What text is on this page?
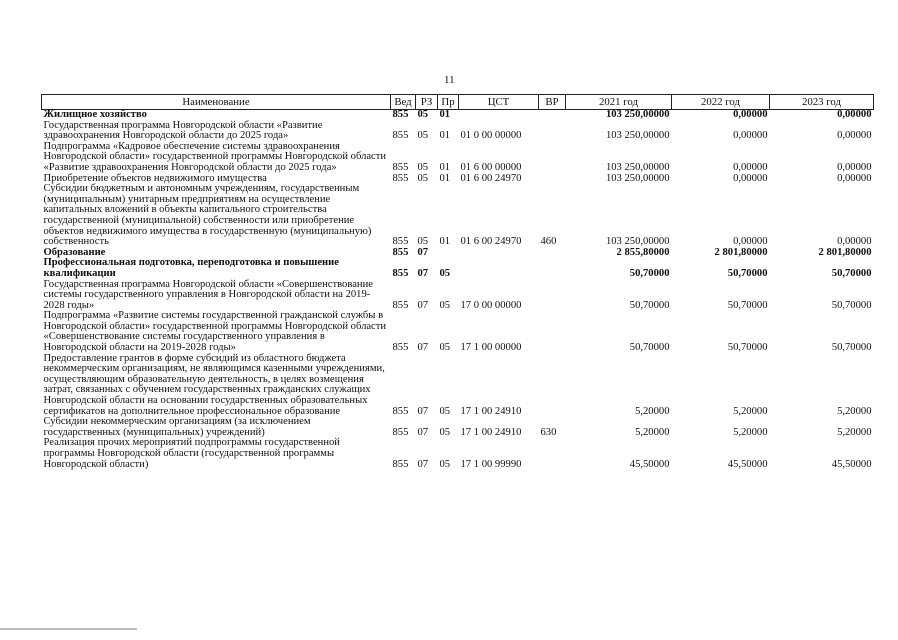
11
Наименование	Вед	РЗ	Пр	ЦСТ	ВР	2021 год	2022 год	2023 год
Жилищное хозяйство	855	05	01			103 250,00000	0,00000	0,00000
Государственная программа Новгородской области «Развитие здравоохранения Новгородской области до 2025 года»	855	05	01	01 0 00 00000		103 250,00000	0,00000	0,00000
Подпрограмма «Кадровое обеспечение системы здравоохранения Новгородской области» государственной программы Новгородской области «Развитие здравоохранения Новгородской области до 2025 года»	855	05	01	01 6 00 00000		103 250,00000	0,00000	0,00000
Приобретение объектов недвижимого имущества	855	05	01	01 6 00 24970		103 250,00000	0,00000	0,00000
Субсидии бюджетным и автономным учреждениям, государственным (муниципальным) унитарным предприятиям на осуществление капитальных вложений в объекты капитального строительства государственной (муниципальной) собственности или приобретение объектов недвижимого имущества в государственную (муниципальную) собственность	855	05	01	01 6 00 24970	460	103 250,00000	0,00000	0,00000
Образование	855	07				2 855,80000	2 801,80000	2 801,80000
Профессиональная подготовка, переподготовка и повышение квалификации	855	07	05			50,70000	50,70000	50,70000
Государственная программа Новгородской области «Совершенствование системы государственного управления в Новгородской области на 2019-2028 годы»	855	07	05	17 0 00 00000		50,70000	50,70000	50,70000
Подпрограмма «Развитие системы государственной гражданской службы в Новгородской области» государственной программы Новгородской области «Совершенствование системы государственного управления в Новгородской области на 2019-2028 годы»	855	07	05	17 1 00 00000		50,70000	50,70000	50,70000
Предоставление грантов в форме субсидий из областного бюджета некоммерческим организациям, не являющимся казенными учреждениями, осуществляющим образовательную деятельность, в целях возмещения затрат, связанных с обучением государственных гражданских служащих Новгородской области на основании государственных образовательных сертификатов на дополнительное профессиональное образование	855	07	05	17 1 00 24910		5,20000	5,20000	5,20000
Субсидии некоммерческим организациям (за исключением государственных (муниципальных) учреждений)	855	07	05	17 1 00 24910	630	5,20000	5,20000	5,20000
Реализация прочих мероприятий подпрограммы государственной программы Новгородской области (государственной программы Новгородской области)	855	07	05	17 1 00 99990		45,50000	45,50000	45,50000
